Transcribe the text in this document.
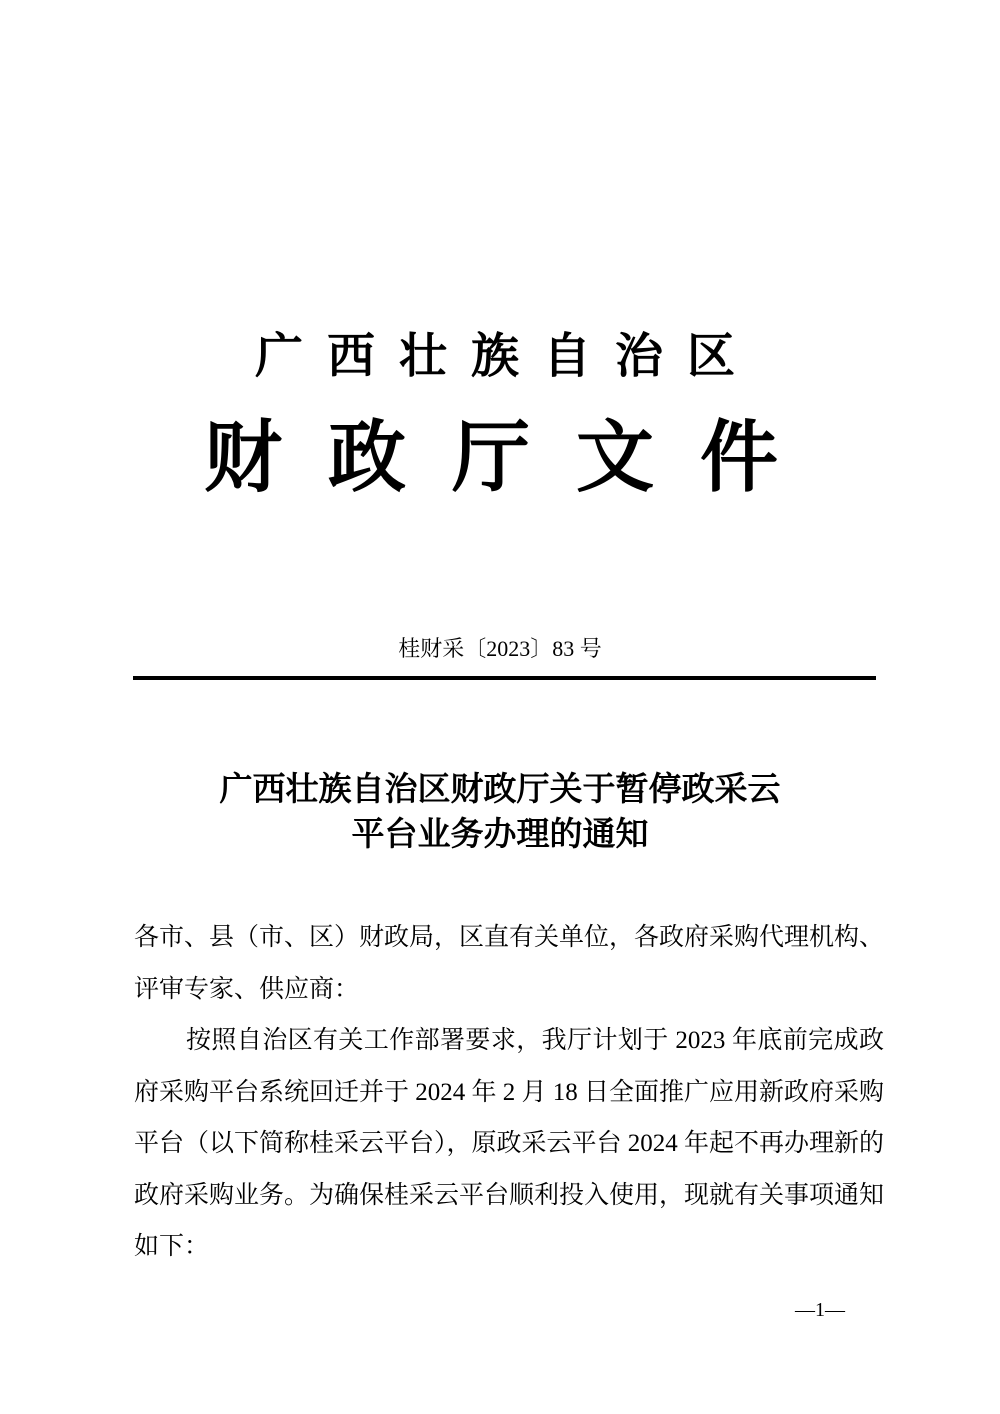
广西壮族自治区
财政厅文件
桂财采〔2023〕83 号
广西壮族自治区财政厅关于暂停政采云
平台业务办理的通知

各市、县（市、区）财政局，区直有关单位，各政府采购代理机构、评审专家、供应商：

按照自治区有关工作部署要求，我厅计划于 2023 年底前完成政府采购平台系统回迁并于 2024 年 2 月 18 日全面推广应用新政府采购平台（以下简称桂采云平台），原政采云平台 2024 年起不再办理新的政府采购业务。为确保桂采云平台顺利投入使用，现就有关事项通知如下：

—1—
